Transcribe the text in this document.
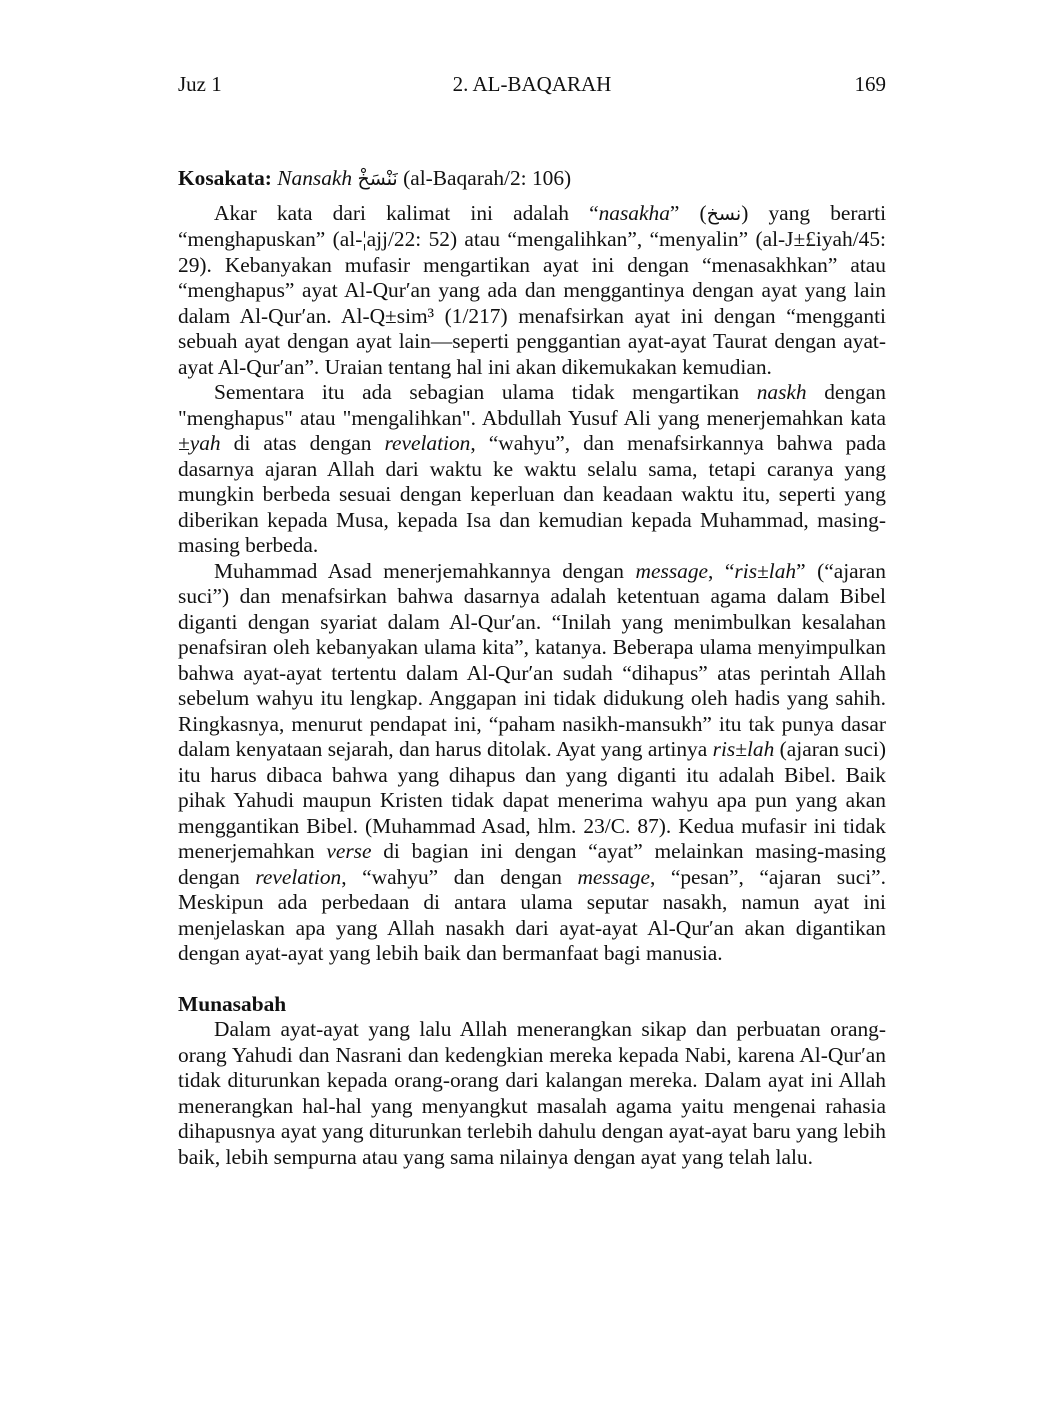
Juz 1	2. AL-BAQARAH	169
Kosakata: Nansakh نَنْسَخْ (al-Baqarah/2: 106)

Akar kata dari kalimat ini adalah “nasakha” (نسخ) yang berarti “menghapuskan” (al-¦ajj/22: 52) atau “mengalihkan”, “menyalin” (al-J±£iyah/45: 29). Kebanyakan mufasir mengartikan ayat ini dengan “menasakhkan” atau “menghapus” ayat Al-Qur′an yang ada dan menggantinya dengan ayat yang lain dalam Al-Qur′an. Al-Q±sim³ (1/217) menafsirkan ayat ini dengan “mengganti sebuah ayat dengan ayat lain—seperti penggantian ayat-ayat Taurat dengan ayat-ayat Al-Qur′an”. Uraian tentang hal ini akan dikemukakan kemudian.

Sementara itu ada sebagian ulama tidak mengartikan naskh dengan "menghapus" atau "mengalihkan". Abdullah Yusuf Ali yang menerjemahkan kata ±yah di atas dengan revelation, “wahyu”, dan menafsirkannya bahwa pada dasarnya ajaran Allah dari waktu ke waktu selalu sama, tetapi caranya yang mungkin berbeda sesuai dengan keperluan dan keadaan waktu itu, seperti yang diberikan kepada Musa, kepada Isa dan kemudian kepada Muhammad, masing-masing berbeda.

Muhammad Asad menerjemahkannya dengan message, “ris±lah” (“ajaran suci”) dan menafsirkan bahwa dasarnya adalah ketentuan agama dalam Bibel diganti dengan syariat dalam Al-Qur′an. “Inilah yang menimbulkan kesalahan penafsiran oleh kebanyakan ulama kita”, katanya. Beberapa ulama menyimpulkan bahwa ayat-ayat tertentu dalam Al-Qur′an sudah “dihapus” atas perintah Allah sebelum wahyu itu lengkap. Anggapan ini tidak didukung oleh hadis yang sahih. Ringkasnya, menurut pendapat ini, “paham nasikh-mansukh” itu tak punya dasar dalam kenyataan sejarah, dan harus ditolak. Ayat yang artinya ris±lah (ajaran suci) itu harus dibaca bahwa yang dihapus dan yang diganti itu adalah Bibel. Baik pihak Yahudi maupun Kristen tidak dapat menerima wahyu apa pun yang akan menggantikan Bibel. (Muhammad Asad, hlm. 23/C. 87). Kedua mufasir ini tidak menerjemahkan verse di bagian ini dengan “ayat” melainkan masing-masing dengan revelation, “wahyu” dan dengan message, “pesan”, “ajaran suci”. Meskipun ada perbedaan di antara ulama seputar nasakh, namun ayat ini menjelaskan apa yang Allah nasakh dari ayat-ayat Al-Qur′an akan digantikan dengan ayat-ayat yang lebih baik dan bermanfaat bagi manusia.

Munasabah

Dalam ayat-ayat yang lalu Allah menerangkan sikap dan perbuatan orang-orang Yahudi dan Nasrani dan kedengkian mereka kepada Nabi, karena Al-Qur′an tidak diturunkan kepada orang-orang dari kalangan mereka. Dalam ayat ini Allah menerangkan hal-hal yang menyangkut masalah agama yaitu mengenai rahasia dihapusnya ayat yang diturunkan terlebih dahulu dengan ayat-ayat baru yang lebih baik, lebih sempurna atau yang sama nilainya dengan ayat yang telah lalu.
